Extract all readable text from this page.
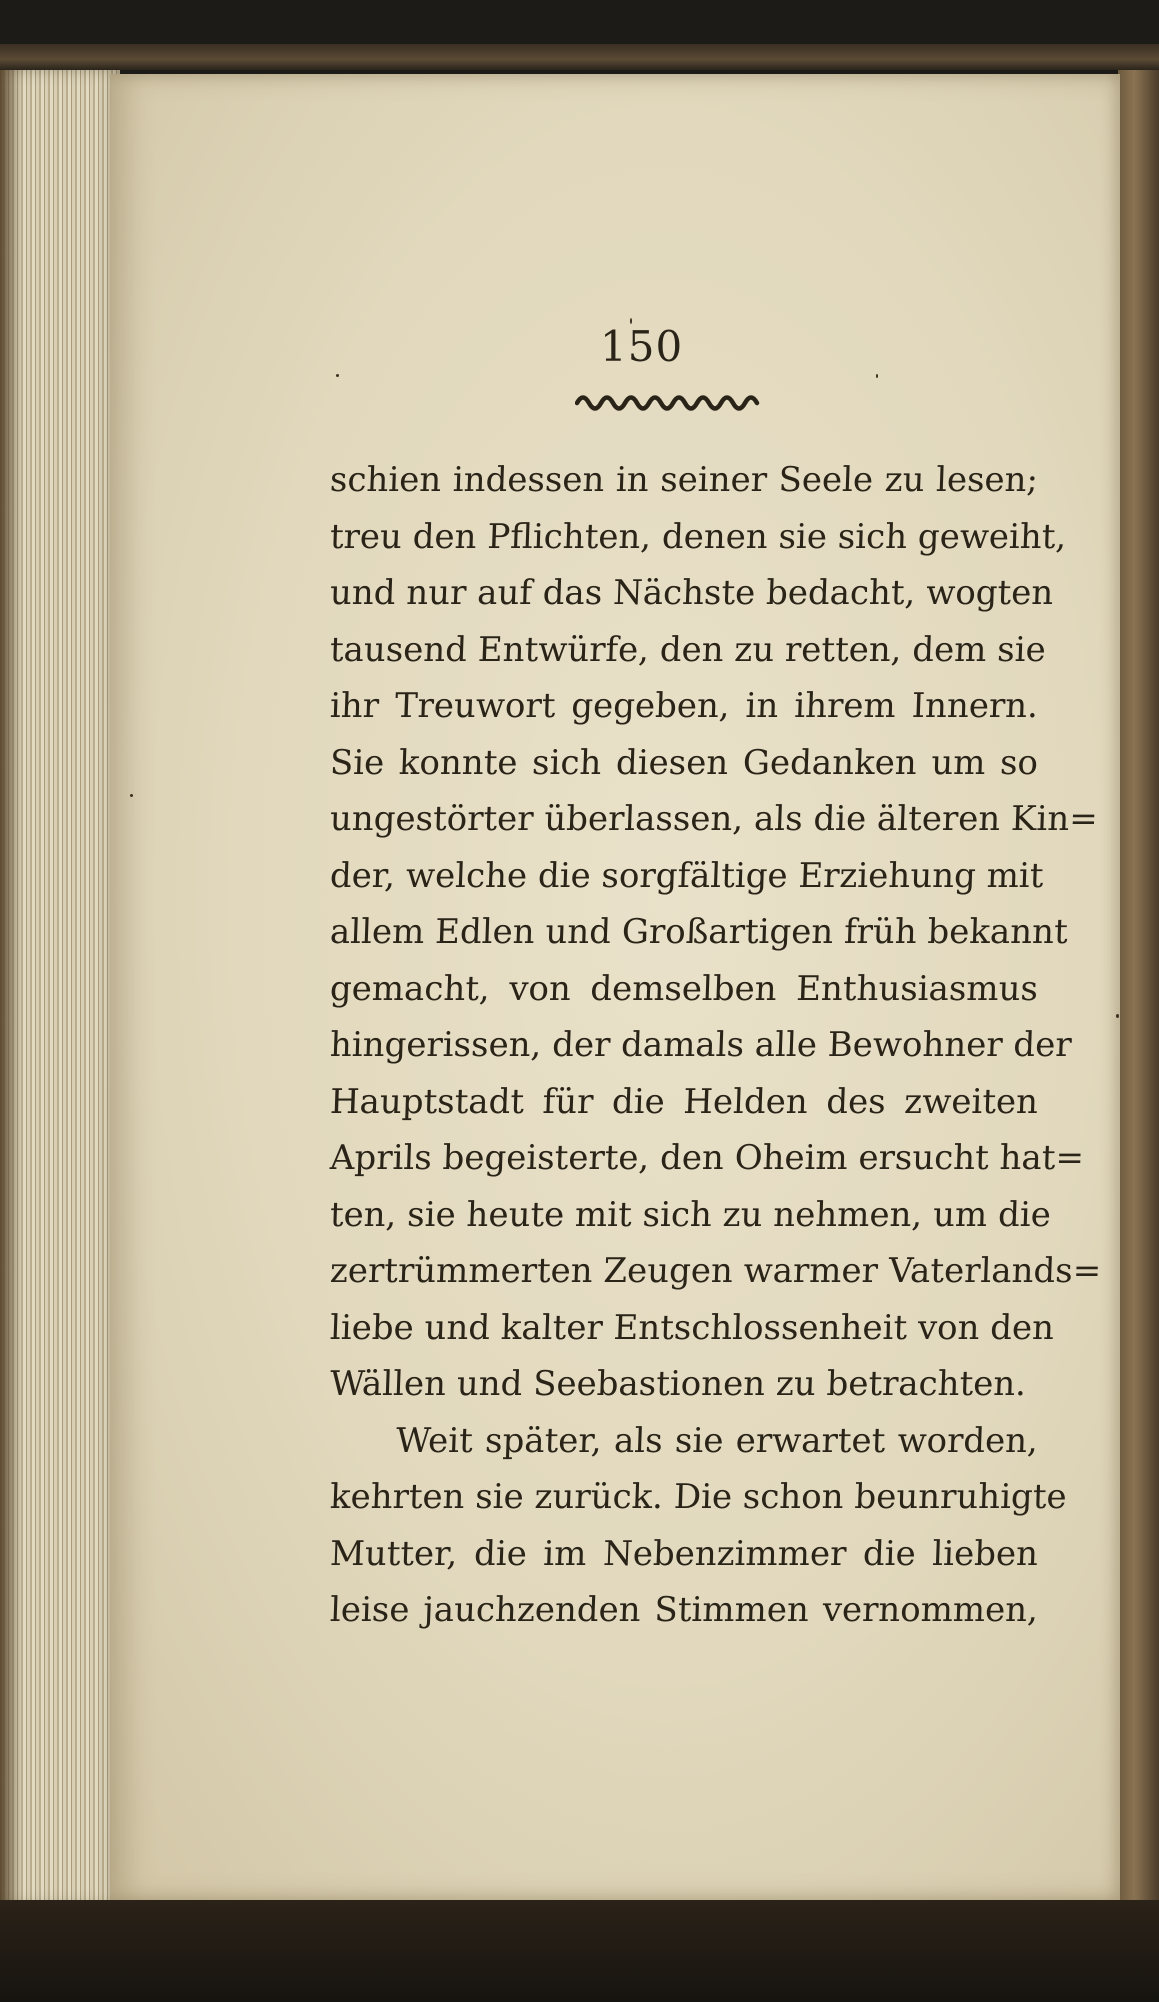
150
schien indessen in seiner Seele zu lesen;
treu den Pflichten, denen sie sich geweiht,
und nur auf das Nächste bedacht, wogten
tausend Entwürfe, den zu retten, dem sie
ihr Treuwort gegeben, in ihrem Innern.
Sie konnte sich diesen Gedanken um so
ungestörter überlassen, als die älteren Kin=
der, welche die sorgfältige Erziehung mit
allem Edlen und Großartigen früh bekannt
gemacht, von demselben Enthusiasmus
hingerissen, der damals alle Bewohner der
Hauptstadt für die Helden des zweiten
Aprils begeisterte, den Oheim ersucht hat=
ten, sie heute mit sich zu nehmen, um die
zertrümmerten Zeugen warmer Vaterlands=
liebe und kalter Entschlossenheit von den
Wällen und Seebastionen zu betrachten.
Weit später, als sie erwartet worden,
kehrten sie zurück. Die schon beunruhigte
Mutter, die im Nebenzimmer die lieben
leise jauchzenden Stimmen vernommen,
